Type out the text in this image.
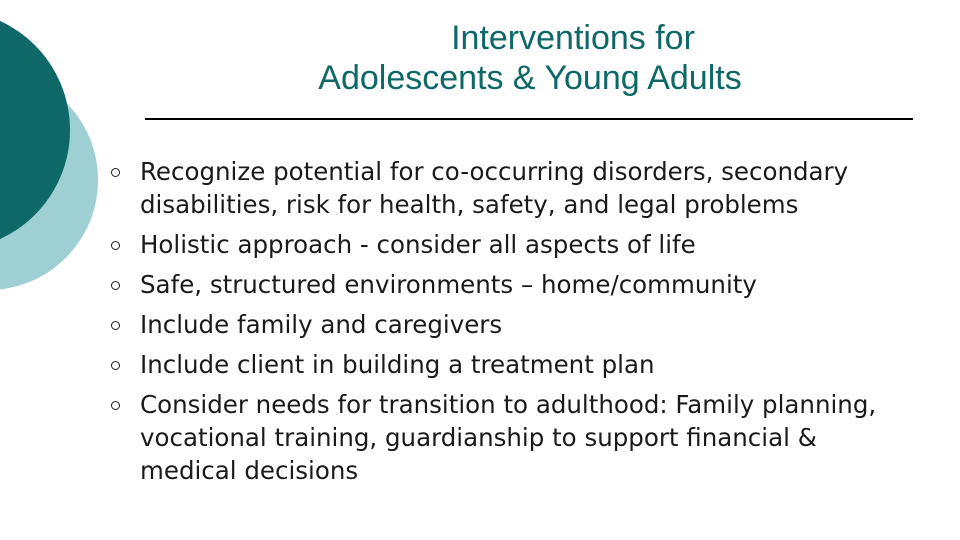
Interventions for
Adolescents & Young Adults
Recognize potential for co-occurring disorders, secondary disabilities, risk for health, safety, and legal problems
Holistic approach - consider all aspects of life
Safe, structured environments – home/community
Include family and caregivers
Include client in building a treatment plan
Consider needs for transition to adulthood: Family planning, vocational training, guardianship to support financial & medical decisions
